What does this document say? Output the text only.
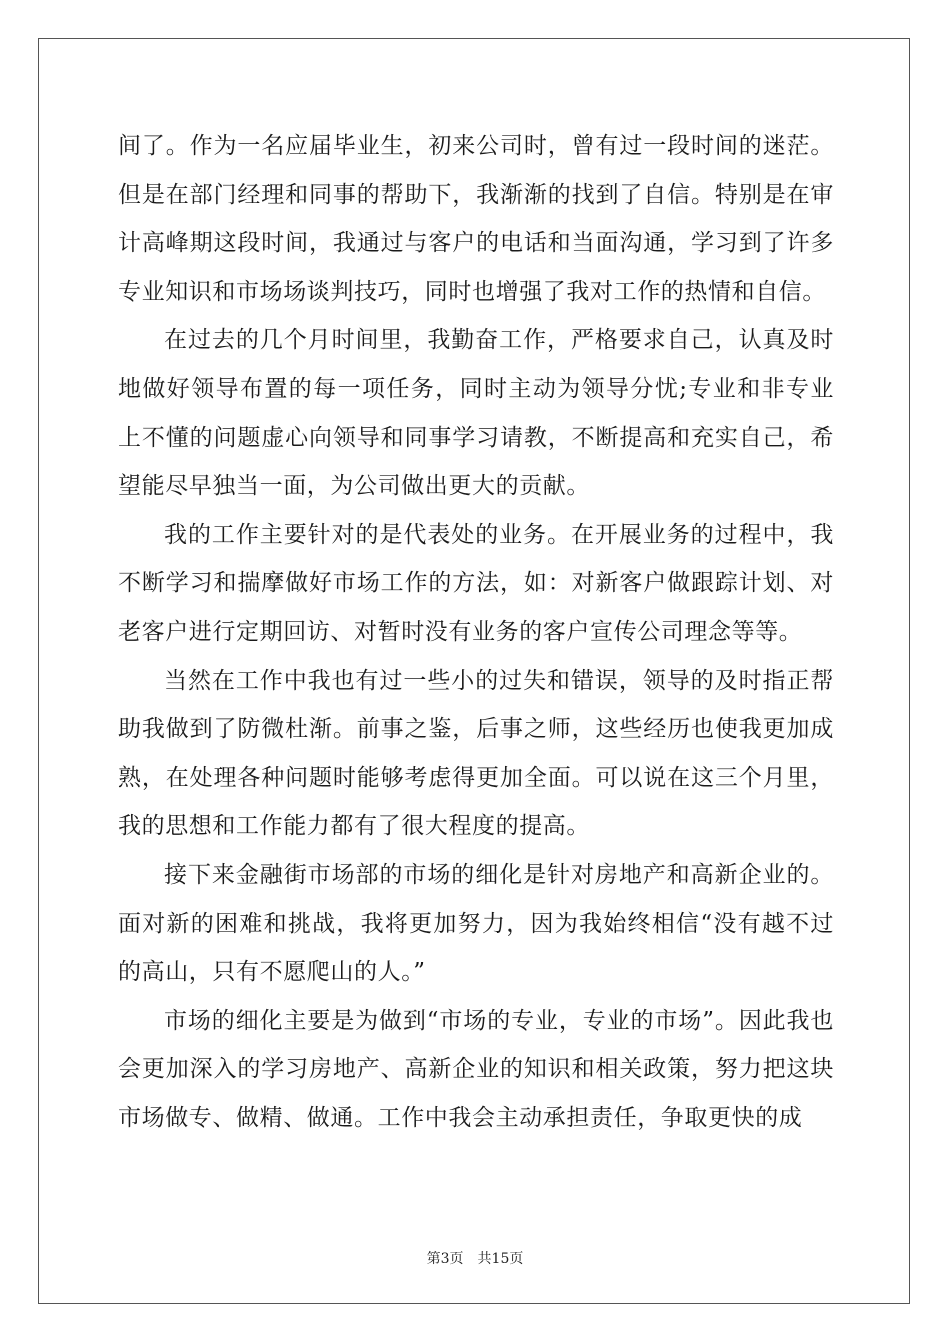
间了。作为一名应届毕业生，初来公司时，曾有过一段时间的迷茫。但是在部门经理和同事的帮助下，我渐渐的找到了自信。特别是在审计高峰期这段时间，我通过与客户的电话和当面沟通，学习到了许多专业知识和市场场谈判技巧，同时也增强了我对工作的热情和自信。

在过去的几个月时间里，我勤奋工作，严格要求自己，认真及时地做好领导布置的每一项任务，同时主动为领导分忧;专业和非专业上不懂的问题虚心向领导和同事学习请教，不断提高和充实自己，希望能尽早独当一面，为公司做出更大的贡献。

我的工作主要针对的是代表处的业务。在开展业务的过程中，我不断学习和揣摩做好市场工作的方法，如：对新客户做跟踪计划、对老客户进行定期回访、对暂时没有业务的客户宣传公司理念等等。

当然在工作中我也有过一些小的过失和错误，领导的及时指正帮助我做到了防微杜渐。前事之鉴，后事之师，这些经历也使我更加成熟，在处理各种问题时能够考虑得更加全面。可以说在这三个月里，我的思想和工作能力都有了很大程度的提高。

接下来金融街市场部的市场的细化是针对房地产和高新企业的。面对新的困难和挑战，我将更加努力，因为我始终相信“没有越不过的高山，只有不愿爬山的人。”

市场的细化主要是为做到“市场的专业，专业的市场”。因此我也会更加深入的学习房地产、高新企业的知识和相关政策，努力把这块市场做专、做精、做通。工作中我会主动承担责任，争取更快的成

第3页 共15页
